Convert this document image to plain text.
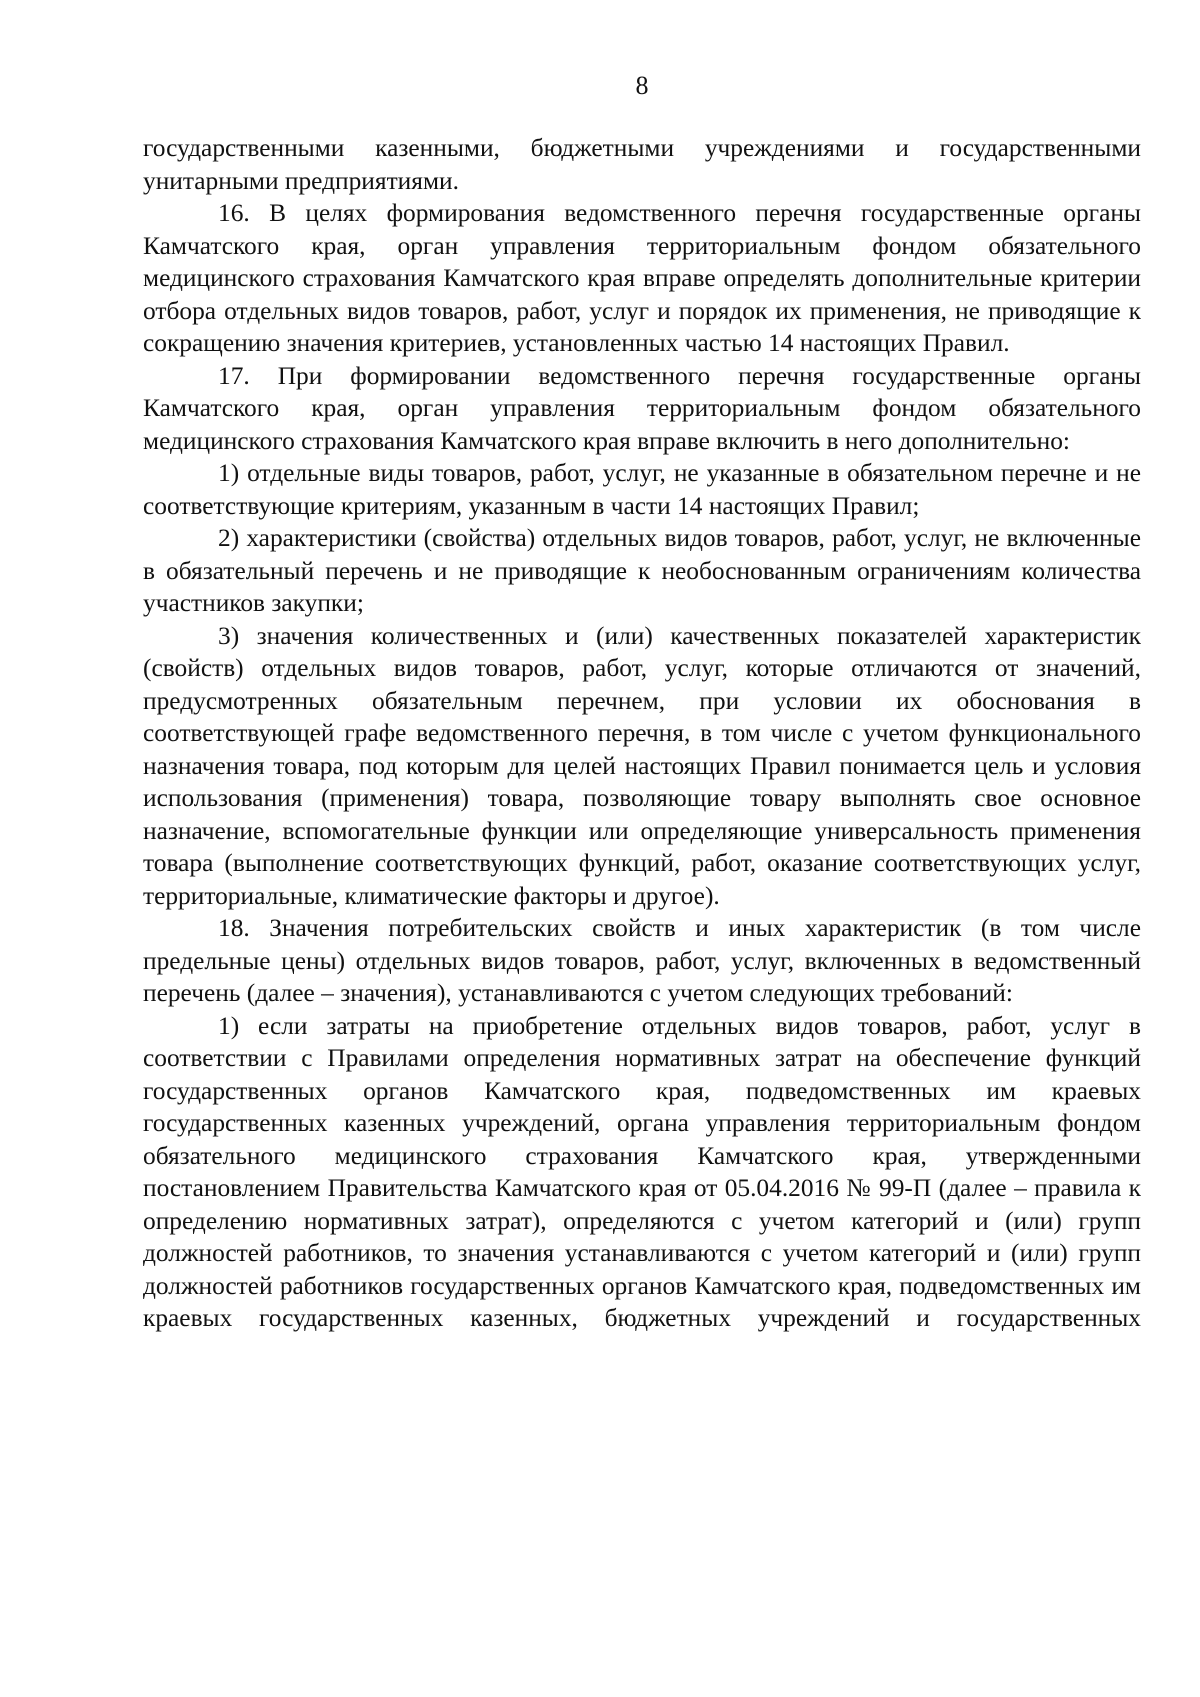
8

государственными казенными, бюджетными учреждениями и государственными унитарными предприятиями.

16. В целях формирования ведомственного перечня государственные органы Камчатского края, орган управления территориальным фондом обязательного медицинского страхования Камчатского края вправе определять дополнительные критерии отбора отдельных видов товаров, работ, услуг и порядок их применения, не приводящие к сокращению значения критериев, установленных частью 14 настоящих Правил.

17. При формировании ведомственного перечня государственные органы Камчатского края, орган управления территориальным фондом обязательного медицинского страхования Камчатского края вправе включить в него дополнительно:

1) отдельные виды товаров, работ, услуг, не указанные в обязательном перечне и не соответствующие критериям, указанным в части 14 настоящих Правил;

2) характеристики (свойства) отдельных видов товаров, работ, услуг, не включенные в обязательный перечень и не приводящие к необоснованным ограничениям количества участников закупки;

3) значения количественных и (или) качественных показателей характеристик (свойств) отдельных видов товаров, работ, услуг, которые отличаются от значений, предусмотренных обязательным перечнем, при условии их обоснования в соответствующей графе ведомственного перечня, в том числе с учетом функционального назначения товара, под которым для целей настоящих Правил понимается цель и условия использования (применения) товара, позволяющие товару выполнять свое основное назначение, вспомогательные функции или определяющие универсальность применения товара (выполнение соответствующих функций, работ, оказание соответствующих услуг, территориальные, климатические факторы и другое).

18. Значения потребительских свойств и иных характеристик (в том числе предельные цены) отдельных видов товаров, работ, услуг, включенных в ведомственный перечень (далее – значения), устанавливаются с учетом следующих требований:

1) если затраты на приобретение отдельных видов товаров, работ, услуг в соответствии с Правилами определения нормативных затрат на обеспечение функций государственных органов Камчатского края, подведомственных им краевых государственных казенных учреждений, органа управления территориальным фондом обязательного медицинского страхования Камчатского края, утвержденными постановлением Правительства Камчатского края от 05.04.2016 № 99-П (далее – правила к определению нормативных затрат), определяются с учетом категорий и (или) групп должностей работников, то значения устанавливаются с учетом категорий и (или) групп должностей работников государственных органов Камчатского края, подведомственных им краевых государственных казенных, бюджетных учреждений и государственных
